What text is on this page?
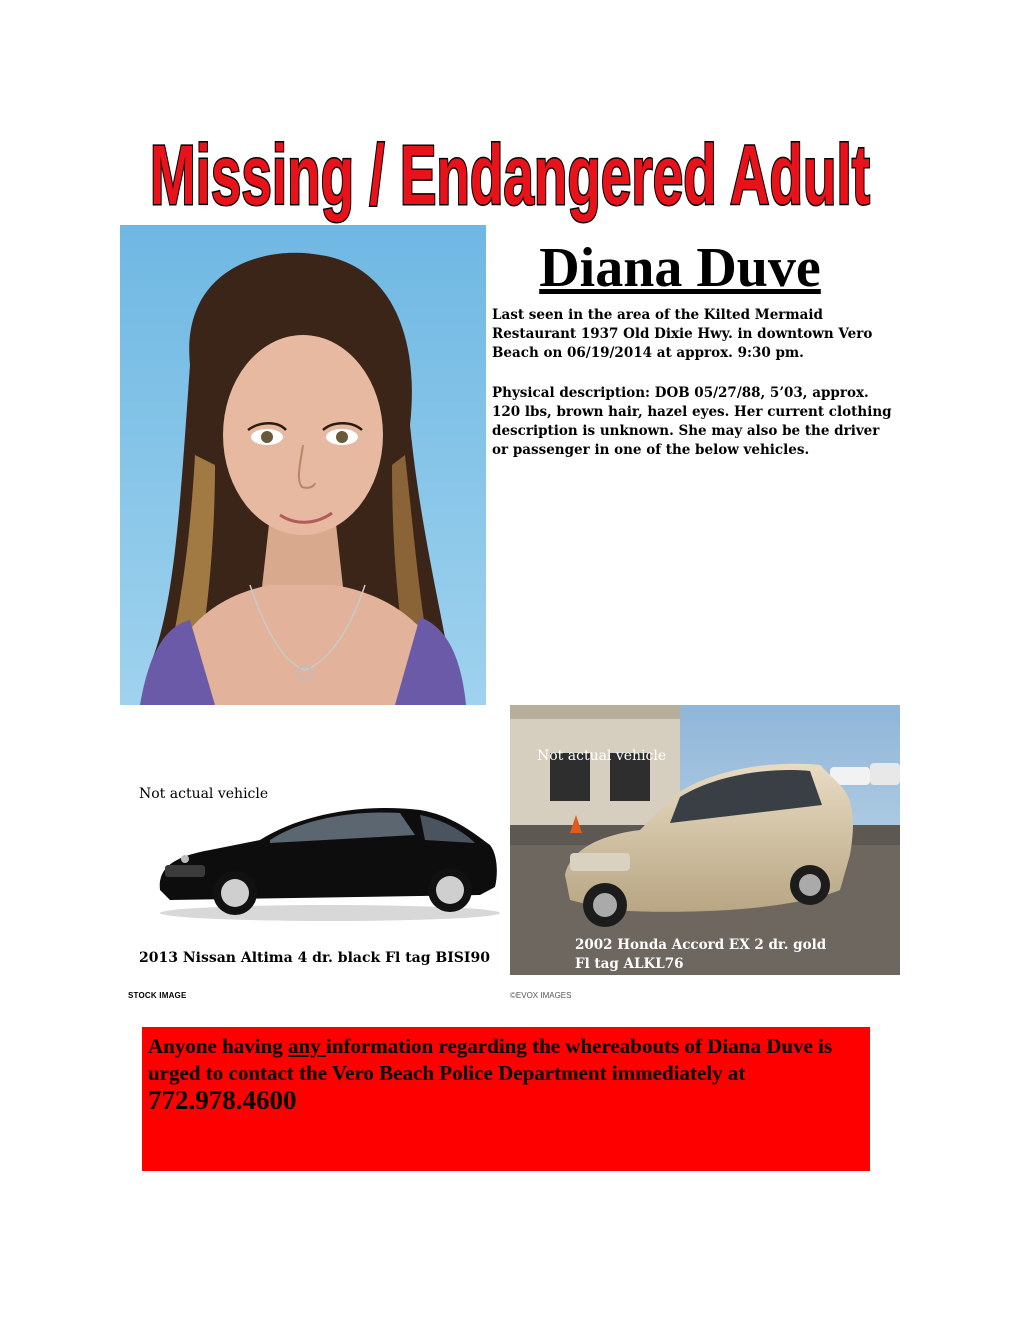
Missing / Endangered Adult
Diana Duve
Last seen in the area of the Kilted Mermaid Restaurant 1937 Old Dixie Hwy. in downtown Vero Beach on 06/19/2014 at approx. 9:30 pm.
Physical description: DOB 05/27/88, 5’03, approx. 120 lbs, brown hair, hazel eyes. Her current clothing description is unknown. She may also be the driver or passenger in one of the below vehicles.
Not actual vehicle
2013 Nissan Altima 4 dr. black Fl tag BISI90
STOCK IMAGE
Not actual vehicle
2002 Honda Accord EX 2 dr. gold
Fl tag ALKL76
©EVOX IMAGES
Anyone having any information regarding the whereabouts of Diana Duve is urged to contact the Vero Beach Police Department immediately at 772.978.4600
